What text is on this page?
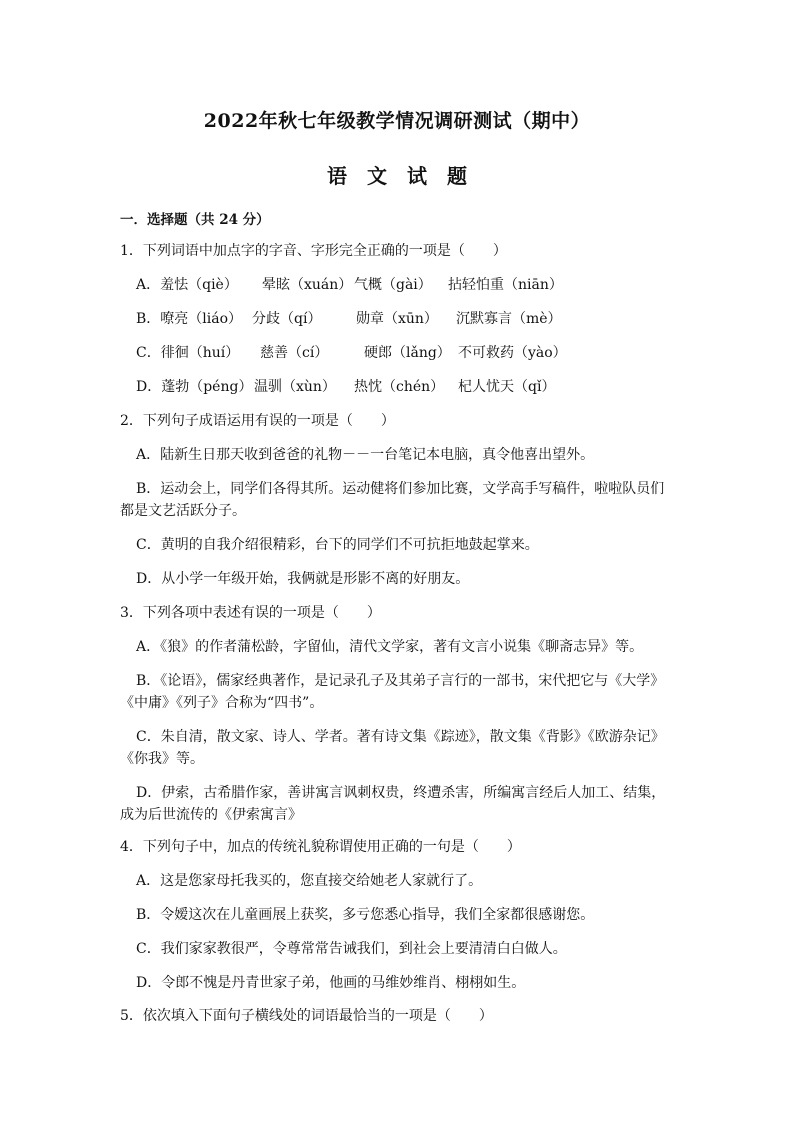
2022年秋七年级教学情况调研测试（期中）
语文试题
一．选择题（共 24 分）
1．下列词语中加点字的字音、字形完全正确的一项是（　　）
A．羞怯（qiè） 晕眩（xuán） 气概（gài） 拈轻怕重（niān）
B．嘹亮（liáo） 分歧（qí） 勋章（xūn） 沉默寡言（mè）
C．徘徊（huí） 慈善（cí）	硬郎（lǎng） 不可救药（yào）
D．蓬勃（péng） 温驯（xùn） 热忱（chén） 杞人忧天（qǐ）
2．下列句子成语运用有误的一项是（　　）
A．陆新生日那天收到爸爸的礼物－－一台笔记本电脑，真令他喜出望外。
B．运动会上，同学们各得其所。运动健将们参加比赛，文学高手写稿件，啦啦队员们
都是文艺活跃分子。
C．黄明的自我介绍很精彩，台下的同学们不可抗拒地鼓起掌来。
D．从小学一年级开始，我俩就是形影不离的好朋友。
3．下列各项中表述有误的一项是（　　）
A．《狼》的作者蒲松龄，字留仙，清代文学家，著有文言小说集《聊斋志异》等。
B．《论语》，儒家经典著作，是记录孔子及其弟子言行的一部书，宋代把它与《大学》
《中庸》《列子》合称为“四书”。
C．朱自清，散文家、诗人、学者。著有诗文集《踪迹》，散文集《背影》《欧游杂记》
《你我》等。
D．伊索，古希腊作家，善讲寓言讽刺权贵，终遭杀害，所编寓言经后人加工、结集，
成为后世流传的《伊索寓言》
4．下列句子中，加点的传统礼貌称谓使用正确的一句是（　　）
A．这是您家母托我买的，您直接交给她老人家就行了。
B．令嫒这次在儿童画展上获奖，多亏您悉心指导，我们全家都很感谢您。
C．我们家家教很严，令尊常常告诫我们，到社会上要清清白白做人。
D．令郎不愧是丹青世家子弟，他画的马维妙维肖、栩栩如生。
5．依次填入下面句子横线处的词语最恰当的一项是（　　）
